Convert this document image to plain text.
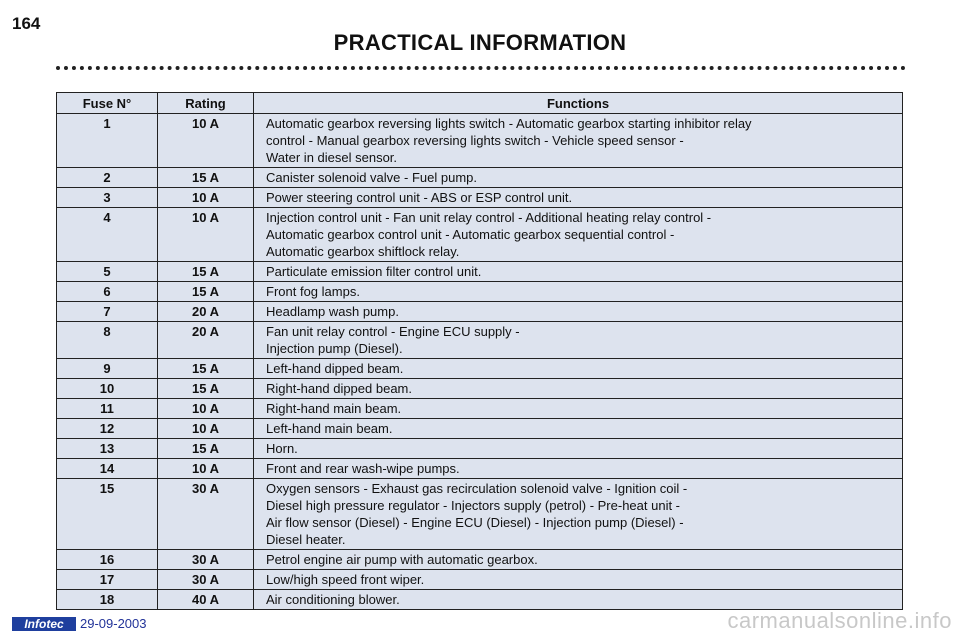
164
PRACTICAL INFORMATION
Fuse N°	Rating	Functions
1	10 A	Automatic gearbox reversing lights switch - Automatic gearbox starting inhibitor relay
control - Manual gearbox reversing lights switch - Vehicle speed sensor -
Water in diesel sensor.

2	15 A	Canister solenoid valve - Fuel pump.

3	10 A	Power steering control unit - ABS or ESP control unit.

4	10 A	Injection control unit - Fan unit relay control - Additional heating relay control -
Automatic gearbox control unit - Automatic gearbox sequential control -
Automatic gearbox shiftlock relay.

5	15 A	Particulate emission filter control unit.

6	15 A	Front fog lamps.

7	20 A	Headlamp wash pump.

8	20 A	Fan unit relay control - Engine ECU supply -
Injection pump (Diesel).

9	15 A	Left-hand dipped beam.

10	15 A	Right-hand dipped beam.

11	10 A	Right-hand main beam.

12	10 A	Left-hand main beam.

13	15 A	Horn.

14	10 A	Front and rear wash-wipe pumps.

15	30 A	Oxygen sensors - Exhaust gas recirculation solenoid valve - Ignition coil -
Diesel high pressure regulator - Injectors supply (petrol) - Pre-heat unit -
Air flow sensor (Diesel) - Engine ECU (Diesel) - Injection pump (Diesel) -
Diesel heater.

16	30 A	Petrol engine air pump with automatic gearbox.

17	30 A	Low/high speed front wiper.

18	40 A	Air conditioning blower.
Infotec	29-09-2003	carmanualsonline.info
